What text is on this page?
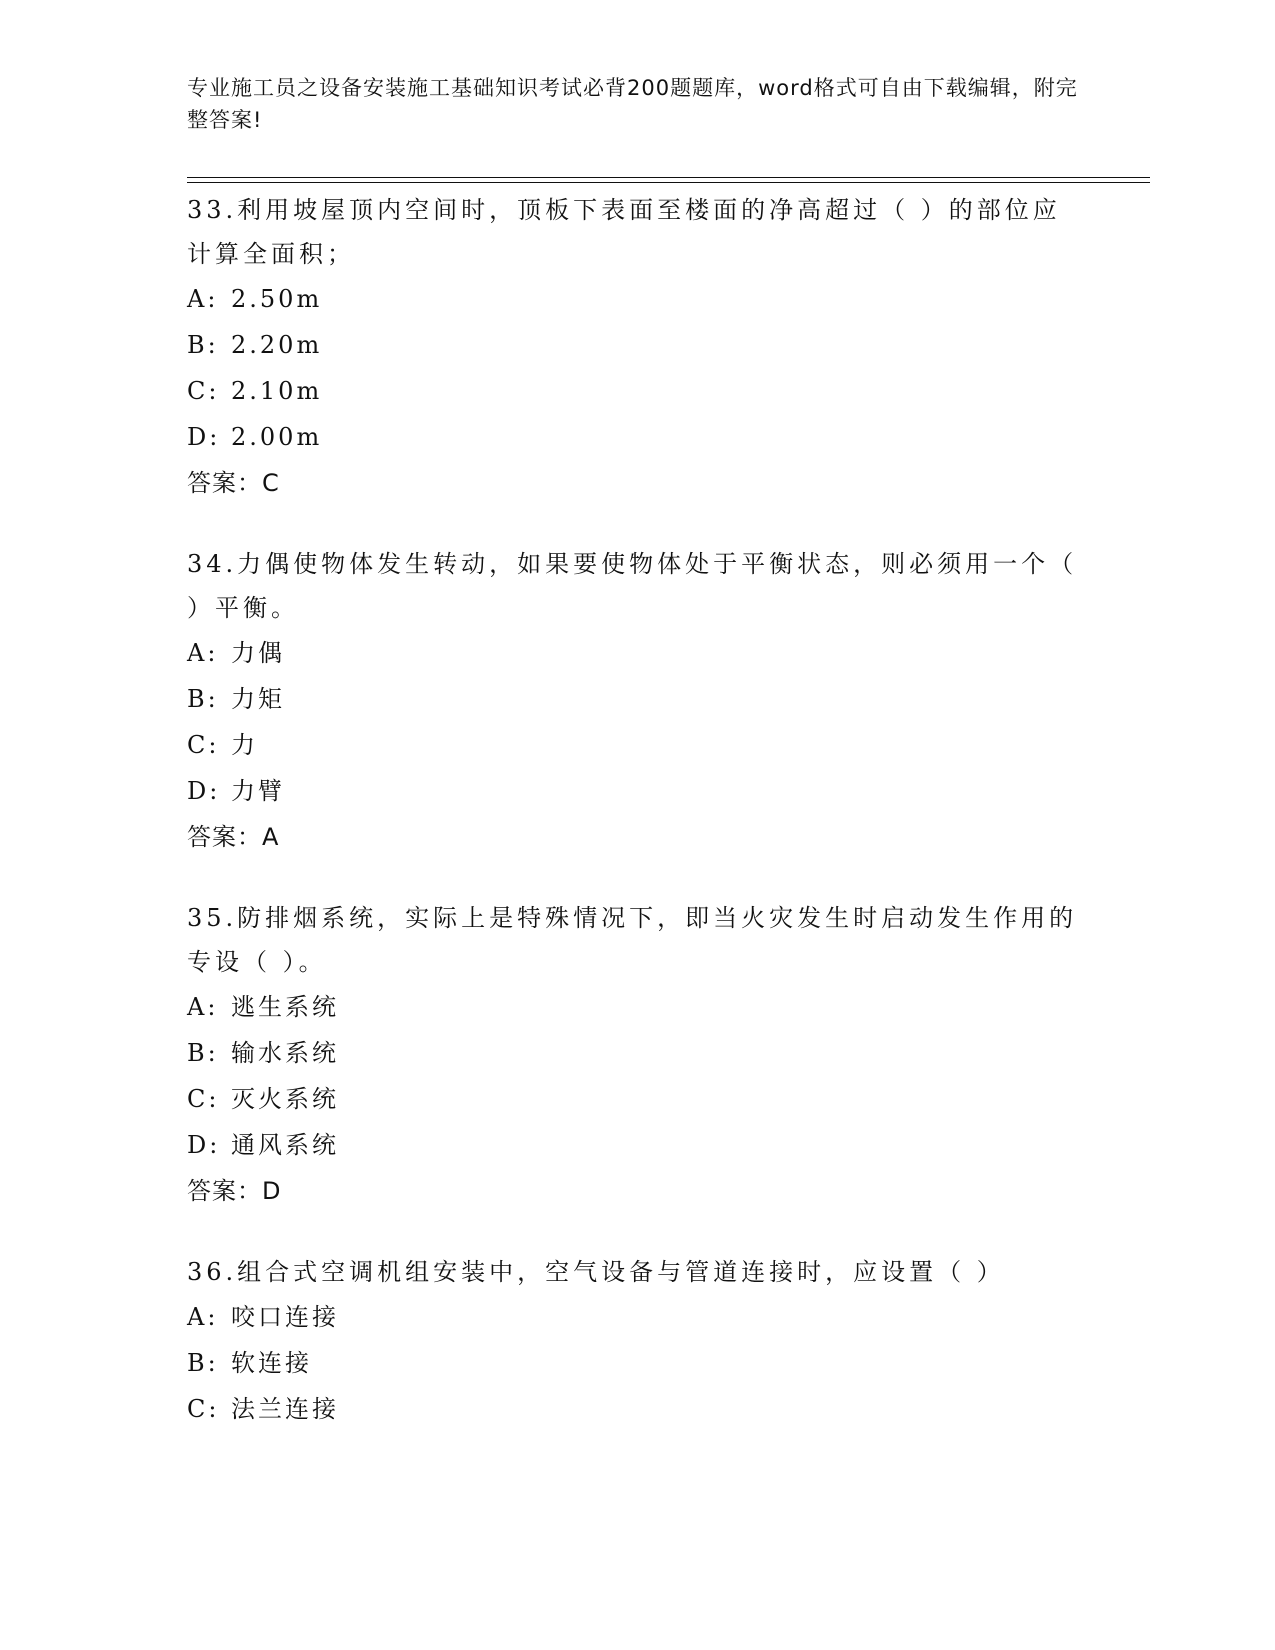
专业施工员之设备安装施工基础知识考试必背200题题库，word格式可自由下载编辑，附完整答案!

33.利用坡屋顶内空间时，顶板下表面至楼面的净高超过（ ）的部位应计算全面积；

A: 2.50m

B: 2.20m

C: 2.10m

D: 2.00m

答案：C

34.力偶使物体发生转动，如果要使物体处于平衡状态，则必须用一个（ ）平衡。

A: 力偶

B: 力矩

C: 力

D: 力臂

答案：A

35.防排烟系统，实际上是特殊情况下，即当火灾发生时启动发生作用的专设（ ）。

A: 逃生系统

B: 输水系统

C: 灭火系统

D: 通风系统

答案：D

36.组合式空调机组安装中，空气设备与管道连接时，应设置（ ）

A: 咬口连接

B: 软连接

C: 法兰连接
